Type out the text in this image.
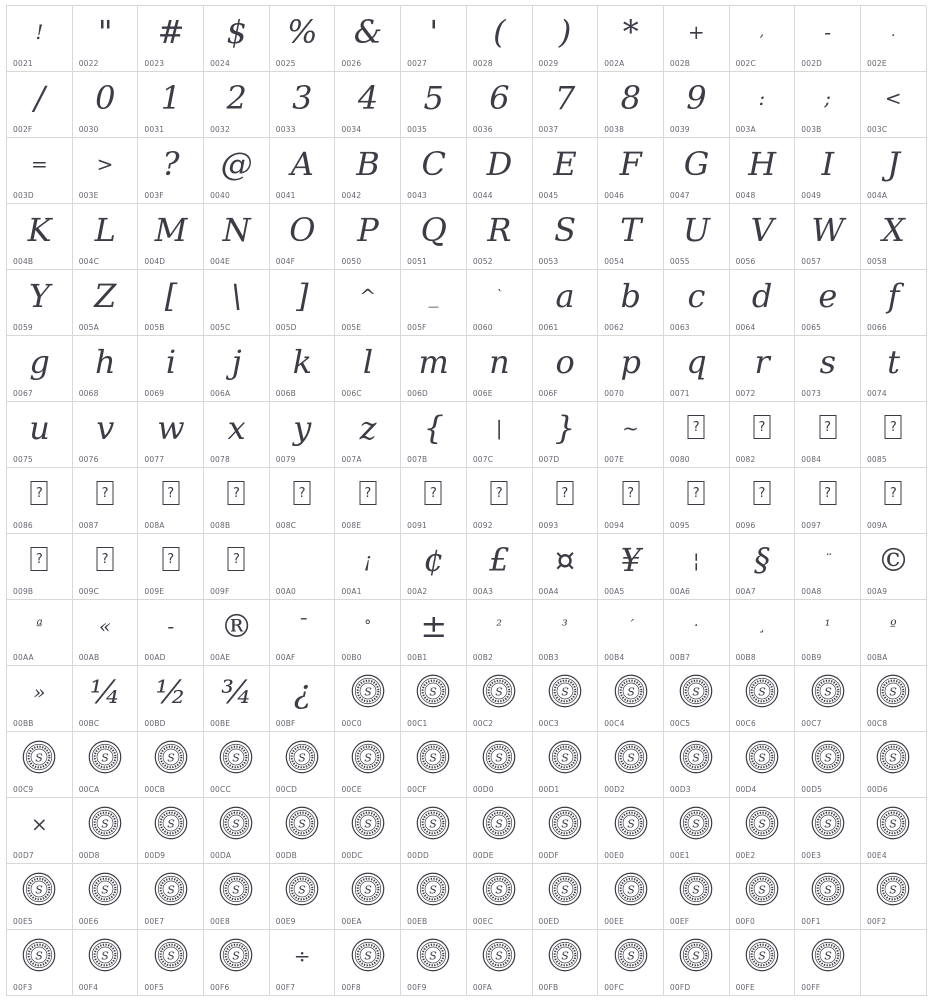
!
0021
"
0022
#
0023
$
0024
%
0025
&
0026
'
0027
(
0028
)
0029
*
002A
+
002B
,
002C
-
002D
.
002E
/
002F
0
0030
1
0031
2
0032
3
0033
4
0034
5
0035
6
0036
7
0037
8
0038
9
0039
:
003A
;
003B
<
003C
=
003D
>
003E
?
003F
@
0040
A
0041
B
0042
C
0043
D
0044
E
0045
F
0046
G
0047
H
0048
I
0049
J
004A
K
004B
L
004C
M
004D
N
004E
O
004F
P
0050
Q
0051
R
0052
S
0053
T
0054
U
0055
V
0056
W
0057
X
0058
Y
0059
Z
005A
[
005B
\
005C
]
005D
^
005E
_
005F
`
0060
a
0061
b
0062
c
0063
d
0064
e
0065
f
0066
g
0067
h
0068
i
0069
j
006A
k
006B
l
006C
m
006D
n
006E
o
006F
p
0070
q
0071
r
0072
s
0073
t
0074
u
0075
v
0076
w
0077
x
0078
y
0079
z
007A
{
007B
|
007C
}
007D
~
007E
?
0080
?
0082
?
0084
?
0085
?
0086
?
0087
?
008A
?
008B
?
008C
?
008E
?
0091
?
0092
?
0093
?
0094
?
0095
?
0096
?
0097
?
009A
?
009B
?
009C
?
009E
?
009F	00A0
¡
00A1
¢
00A2
£
00A3
¤
00A4
¥
00A5
¦
00A6
§
00A7
¨
00A8
©
00A9
ª
00AA
«
00AB
-
00AD
®
00AE
¯
00AF
°
00B0
±
00B1
²
00B2
³
00B3
´
00B4
·
00B7
¸
00B8
¹
00B9
º
00BA
»
00BB
¼
00BC
½
00BD
¾
00BE
¿
00BF
S
00C0
S
00C1
S
00C2
S
00C3
S
00C4
S
00C5
S
00C6
S
00C7
S
00C8
S
00C9
S
00CA
S
00CB
S
00CC
S
00CD
S
00CE
S
00CF
S
00D0
S
00D1
S
00D2
S
00D3
S
00D4
S
00D5
S
00D6
×
00D7
S
00D8
S
00D9
S
00DA
S
00DB
S
00DC
S
00DD
S
00DE
S
00DF
S
00E0
S
00E1
S
00E2
S
00E3
S
00E4
S
00E5
S
00E6
S
00E7
S
00E8
S
00E9
S
00EA
S
00EB
S
00EC
S
00ED
S
00EE
S
00EF
S
00F0
S
00F1
S
00F2
S
00F3
S
00F4
S
00F5
S
00F6
÷
00F7
S
00F8
S
00F9
S
00FA
S
00FB
S
00FC
S
00FD
S
00FE
S
00FF
